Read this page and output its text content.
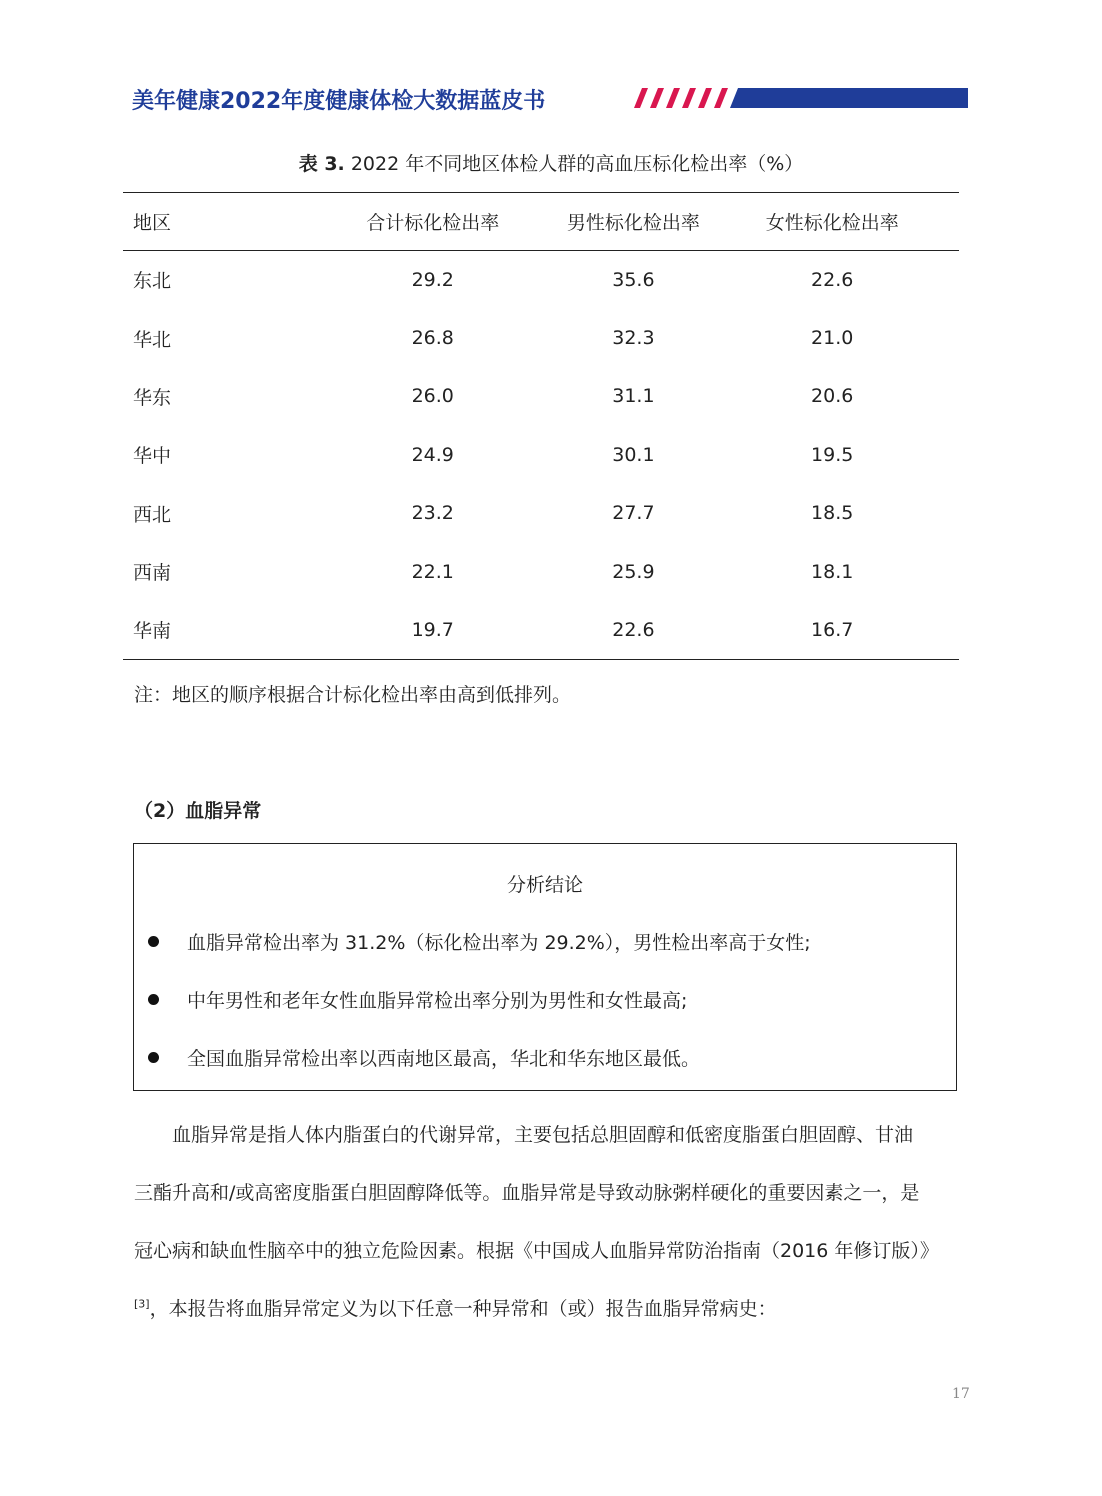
美年健康2022年度健康体检大数据蓝皮书
表 3. 2022 年不同地区体检人群的高血压标化检出率（%）
地区	合计标化检出率	男性标化检出率	女性标化检出率
东北	29.2	35.6	22.6
华北	26.8	32.3	21.0
华东	26.0	31.1	20.6
华中	24.9	30.1	19.5
西北	23.2	27.7	18.5
西南	22.1	25.9	18.1
华南	19.7	22.6	16.7
注：地区的顺序根据合计标化检出率由高到低排列。
（2）血脂异常
分析结论
血脂异常检出率为 31.2%（标化检出率为 29.2%），男性检出率高于女性;
中年男性和老年女性血脂异常检出率分别为男性和女性最高;
全国血脂异常检出率以西南地区最高，华北和华东地区最低。
血脂异常是指人体内脂蛋白的代谢异常，主要包括总胆固醇和低密度脂蛋白胆固醇、甘油
三酯升高和/或高密度脂蛋白胆固醇降低等。血脂异常是导致动脉粥样硬化的重要因素之一，是
冠心病和缺血性脑卒中的独立危险因素。根据《中国成人血脂异常防治指南（2016 年修订版）》
[3]，本报告将血脂异常定义为以下任意一种异常和（或）报告血脂异常病史：
17
